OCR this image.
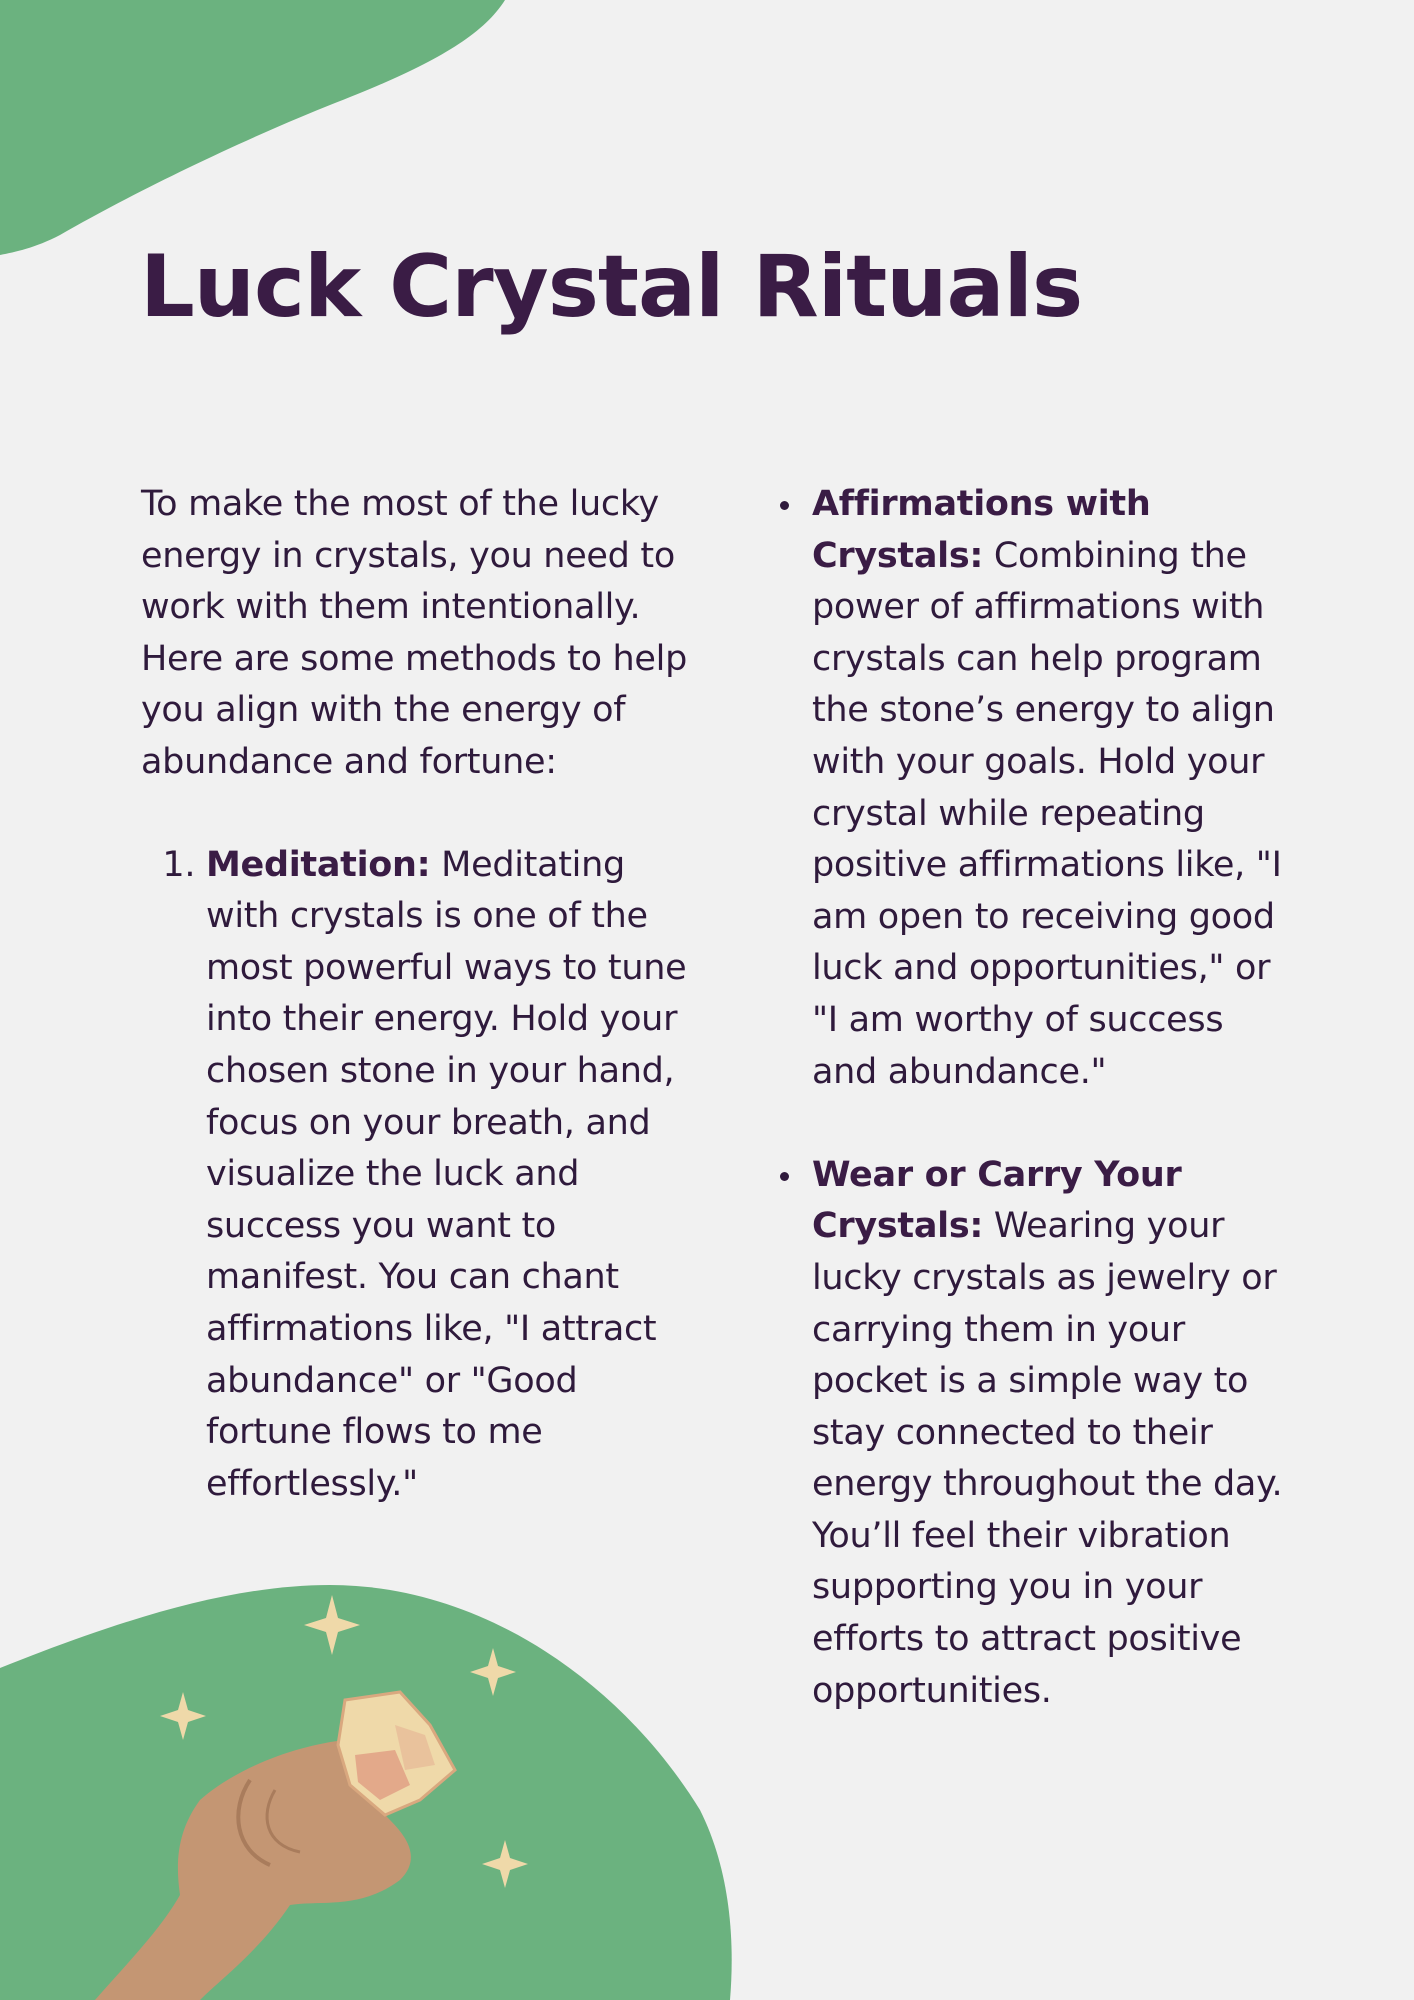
Luck Crystal Rituals

To make the most of the lucky energy in crystals, you need to work with them intentionally. Here are some methods to help you align with the energy of abundance and fortune:

1. Meditation: Meditating with crystals is one of the most powerful ways to tune into their energy. Hold your chosen stone in your hand, focus on your breath, and visualize the luck and success you want to manifest. You can chant affirmations like, "I attract abundance" or "Good fortune flows to me effortlessly."
Affirmations with Crystals: Combining the power of affirmations with crystals can help program the stone’s energy to align with your goals. Hold your crystal while repeating positive affirmations like, "I am open to receiving good luck and opportunities," or "I am worthy of success and abundance."
Wear or Carry Your Crystals: Wearing your lucky crystals as jewelry or carrying them in your pocket is a simple way to stay connected to their energy throughout the day. You’ll feel their vibration supporting you in your efforts to attract positive opportunities.
